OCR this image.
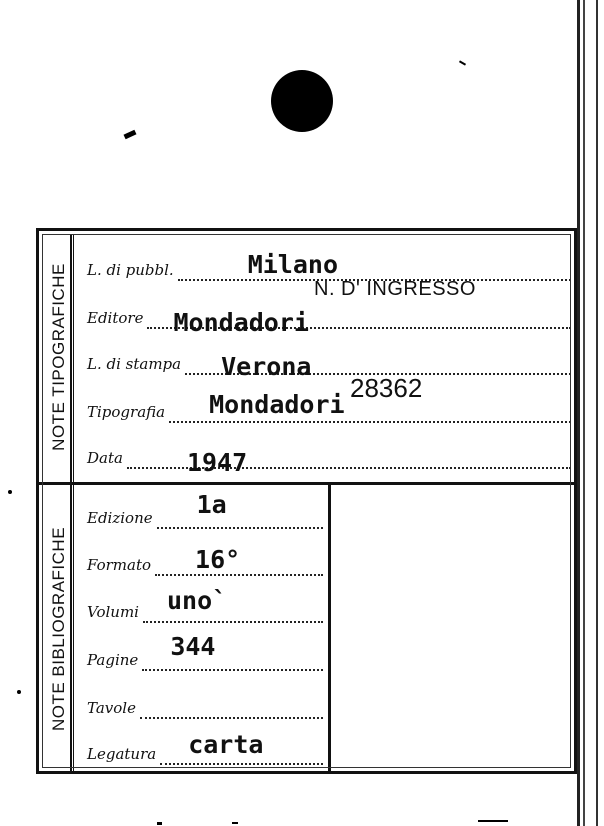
NOTE TIPOGRAFICHE L. di pubbl.	Milano
Editore Mondadori
L. di stampa Verona
Tipografia Mondadori
Data	1947
NOTE BIBLIOGRAFICHE
Edizione 1a
Formato 16°
Volumi uno`
Pagine 344
Tavole
Legatura carta
N. D' INGRESSO
28362
